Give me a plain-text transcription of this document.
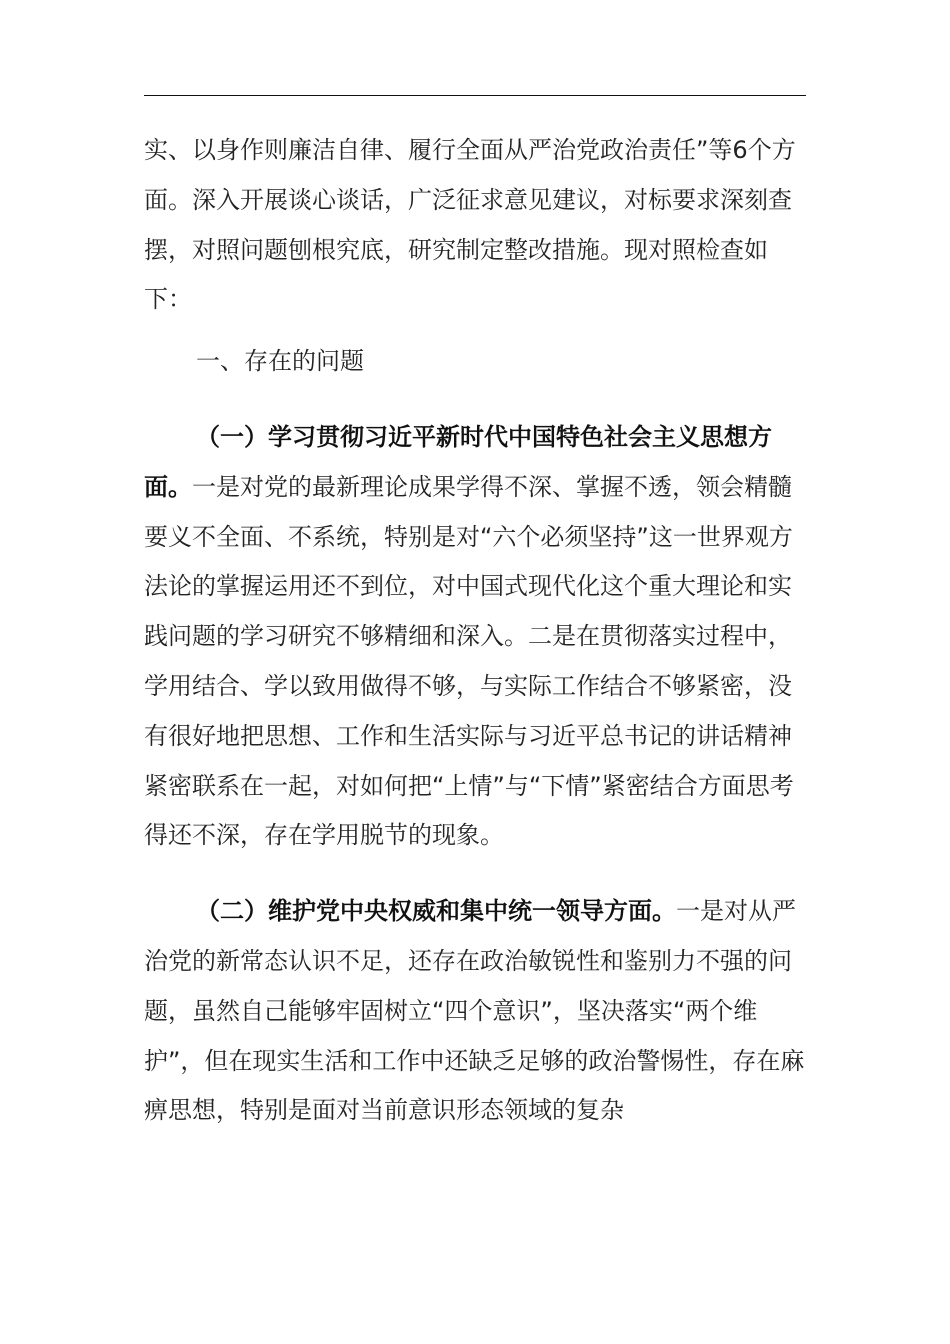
实、以身作则廉洁自律、履行全面从严治党政治责任”等6个方面。深入开展谈心谈话，广泛征求意见建议，对标要求深刻查摆，对照问题刨根究底，研究制定整改措施。现对照检查如下：

一、存在的问题

（一）学习贯彻习近平新时代中国特色社会主义思想方面。一是对党的最新理论成果学得不深、掌握不透，领会精髓要义不全面、不系统，特别是对“六个必须坚持”这一世界观方法论的掌握运用还不到位，对中国式现代化这个重大理论和实践问题的学习研究不够精细和深入。二是在贯彻落实过程中，学用结合、学以致用做得不够，与实际工作结合不够紧密，没有很好地把思想、工作和生活实际与习近平总书记的讲话精神紧密联系在一起，对如何把“上情”与“下情”紧密结合方面思考得还不深，存在学用脱节的现象。

（二）维护党中央权威和集中统一领导方面。一是对从严治党的新常态认识不足，还存在政治敏锐性和鉴别力不强的问题，虽然自己能够牢固树立“四个意识”，坚决落实“两个维护”，但在现实生活和工作中还缺乏足够的政治警惕性，存在麻痹思想，特别是面对当前意识形态领域的复杂
